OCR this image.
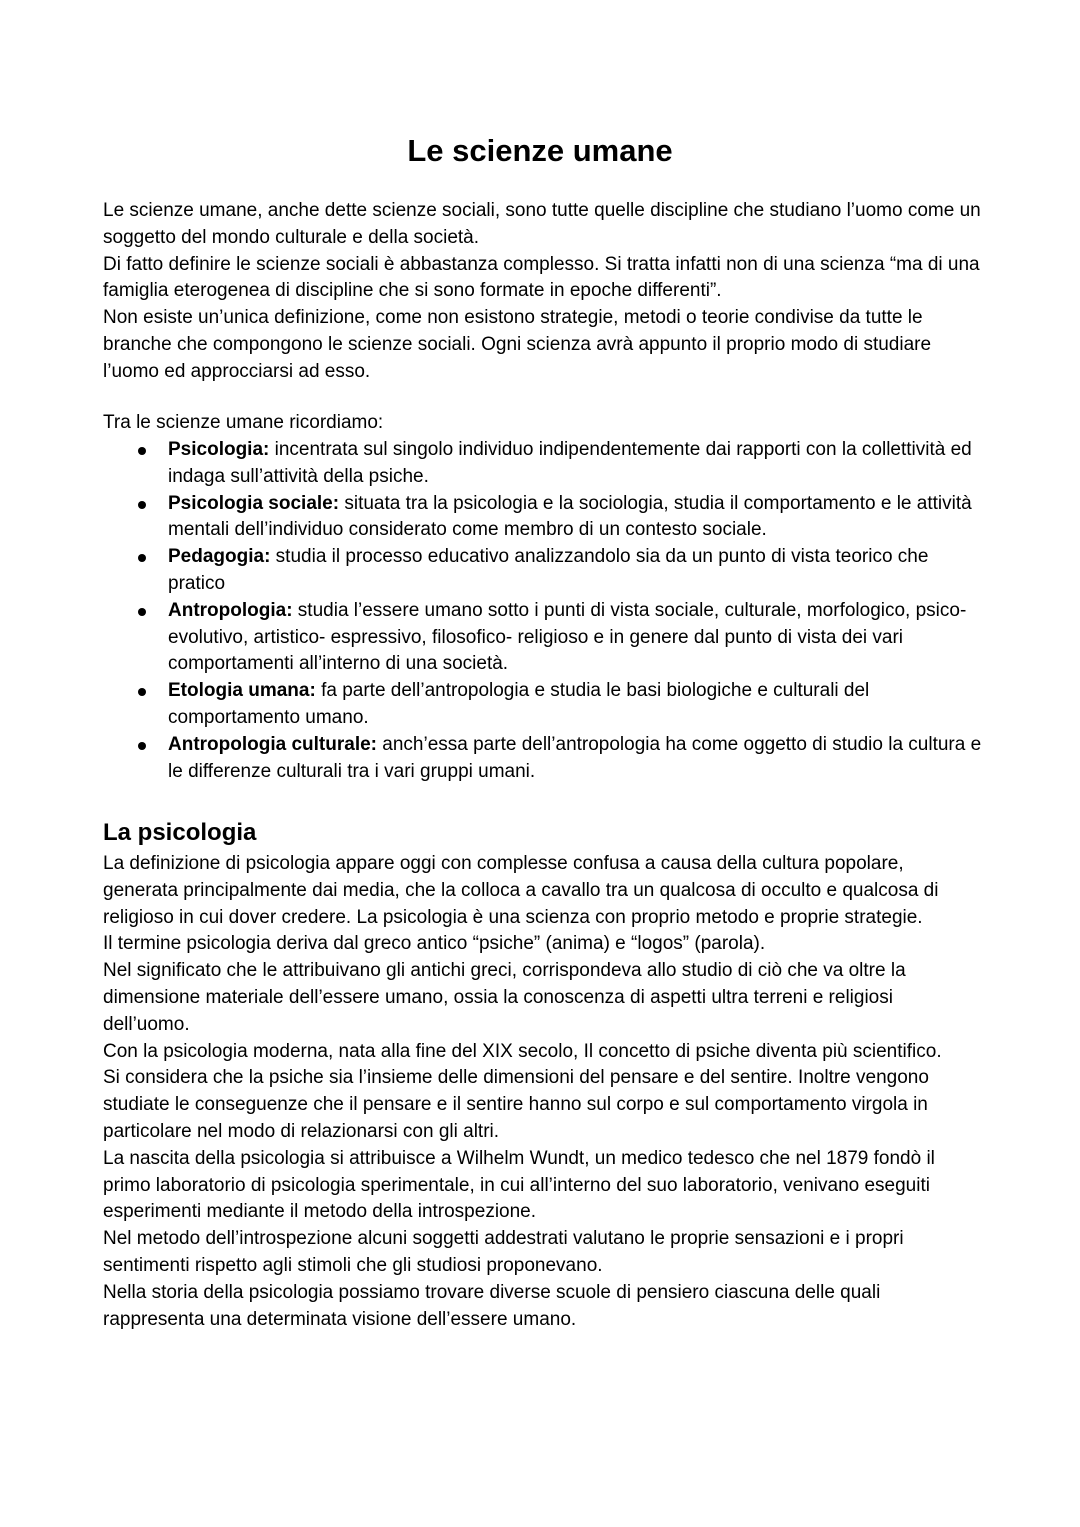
Le scienze umane

Le scienze umane, anche dette scienze sociali, sono tutte quelle discipline che studiano l’uomo come un soggetto del mondo culturale e della società.

Di fatto definire le scienze sociali è abbastanza complesso. Si tratta infatti non di una scienza “ma di una famiglia eterogenea di discipline che si sono formate in epoche differenti”.

Non esiste un’unica definizione, come non esistono strategie, metodi o teorie condivise da tutte le branche che compongono le scienze sociali. Ogni scienza avrà appunto il proprio modo di studiare l’uomo ed approcciarsi ad esso.

Tra le scienze umane ricordiamo:

Psicologia: incentrata sul singolo individuo indipendentemente dai rapporti con la collettività ed indaga sull’attività della psiche.
Psicologia sociale: situata tra la psicologia e la sociologia, studia il comportamento e le attività mentali dell’individuo considerato come membro di un contesto sociale.
Pedagogia: studia il processo educativo analizzandolo sia da un punto di vista teorico che pratico
Antropologia: studia l’essere umano sotto i punti di vista sociale, culturale, morfologico, psico- evolutivo, artistico- espressivo, filosofico- religioso e in genere dal punto di vista dei vari comportamenti all’interno di una società.
Etologia umana: fa parte dell’antropologia e studia le basi biologiche e culturali del comportamento umano.
Antropologia culturale: anch’essa parte dell’antropologia ha come oggetto di studio la cultura e le differenze culturali tra i vari gruppi umani.
La psicologia

La definizione di psicologia appare oggi con complesse confusa a causa della cultura popolare, generata principalmente dai media, che la colloca a cavallo tra un qualcosa di occulto e qualcosa di religioso in cui dover credere. La psicologia è una scienza con proprio metodo e proprie strategie.

Il termine psicologia deriva dal greco antico “psiche” (anima) e “logos” (parola).

Nel significato che le attribuivano gli antichi greci, corrispondeva allo studio di ciò che va oltre la dimensione materiale dell’essere umano, ossia la conoscenza di aspetti ultra terreni e religiosi dell’uomo.

Con la psicologia moderna, nata alla fine del XIX secolo, Il concetto di psiche diventa più scientifico.

Si considera che la psiche sia l’insieme delle dimensioni del pensare e del sentire. Inoltre vengono studiate le conseguenze che il pensare e il sentire hanno sul corpo e sul comportamento virgola in particolare nel modo di relazionarsi con gli altri.

La nascita della psicologia si attribuisce a Wilhelm Wundt, un medico tedesco che nel 1879 fondò il primo laboratorio di psicologia sperimentale, in cui all’interno del suo laboratorio, venivano eseguiti esperimenti mediante il metodo della introspezione.

Nel metodo dell’introspezione alcuni soggetti addestrati valutano le proprie sensazioni e i propri sentimenti rispetto agli stimoli che gli studiosi proponevano.

Nella storia della psicologia possiamo trovare diverse scuole di pensiero ciascuna delle quali rappresenta una determinata visione dell’essere umano.
